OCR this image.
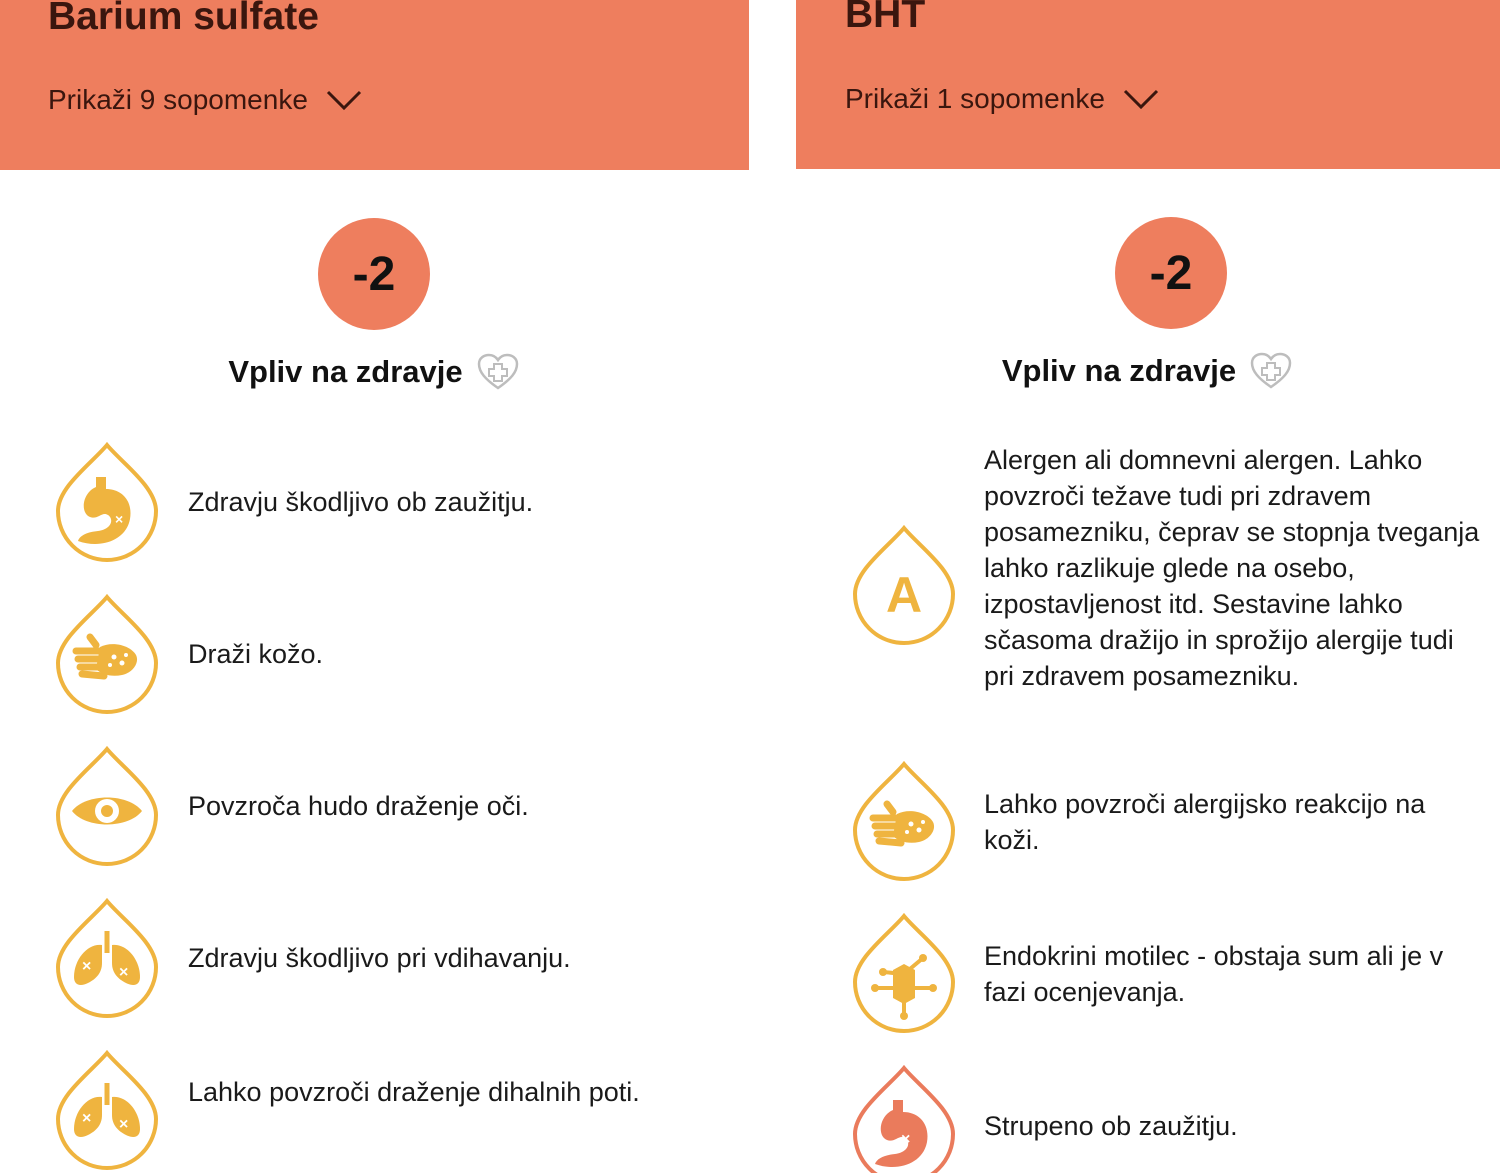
Barium sulfate
Prikaži 9 sopomenke
-2
Vpliv na zdravje
×
Zdravju škodljivo ob zaužitju.
Draži kožo.
Povzroča hudo draženje oči.
× × Zdravju škodljivo pri vdihavanju.
× ×
Lahko povzroči draženje dihalnih poti.
BHT
Prikaži 1 sopomenke
-2
Vpliv na zdravje
A
Alergen ali domnevni alergen. Lahko povzroči težave tudi pri zdravem posamezniku, čeprav se stopnja tveganja lahko razlikuje glede na osebo, izpostavljenost itd. Sestavine lahko sčasoma dražijo in sprožijo alergije tudi pri zdravem posamezniku.
Lahko povzroči alergijsko reakcijo na koži.
Endokrini motilec - obstaja sum ali je v fazi ocenjevanja.
×	Strupeno ob zaužitju.
